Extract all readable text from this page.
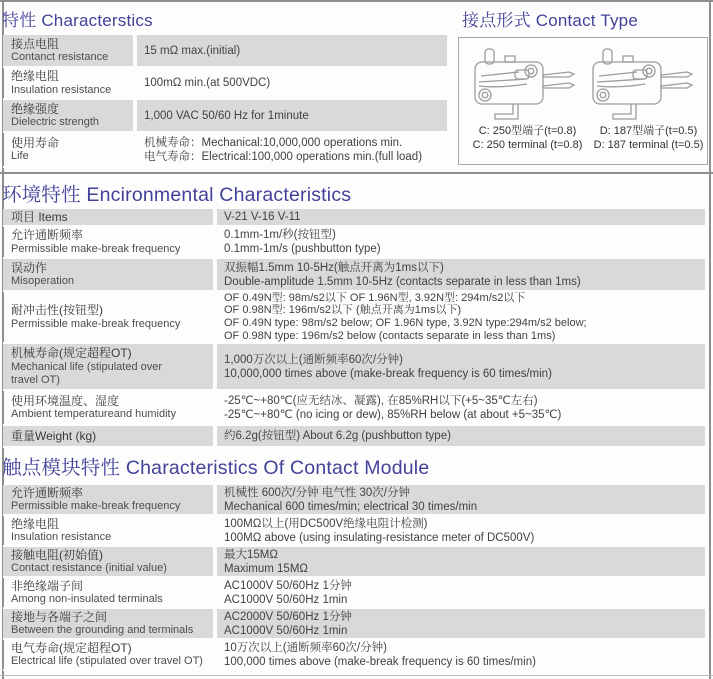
特性 Characterstics
接点电阻
Contanct resistance
15 mΩ max.(initial)
绝缘电阻
Insulation resistance
100mΩ min.(at 500VDC)
绝缘强度
Dielectric strength
1,000 VAC 50/60 Hz for 1minute
使用寿命
Life
机械寿命：Mechanical:10,000,000 operations min.
电气寿命：Electrical:100,000 operations min.(full load)
接点形式 Contact Type
C: 250型端子(t=0.8)
C: 250 terminal (t=0.8)
D: 187型端子(t=0.5)
D: 187 terminal (t=0.5)
环境特性 Encironmental Characteristics
项目 Items	V-21 V-16 V-11
允许通断频率
Permissible make-break frequency
0.1mm-1m/秒(按钮型)
0.1mm-1m/s (pushbutton type)
误动作
Misoperation
双振幅1.5mm 10-5Hz(触点开离为1ms以下)
Double-amplitude 1.5mm 10-5Hz (contacts separate in less than 1ms)
耐冲击性(按钮型)
Permissible make-break frequency
OF 0.49N型: 98m/s2以下 OF 1.96N型, 3.92N型: 294m/s2以下
OF 0.98N型: 196m/s2以下 (触点开离为1ms以下)
OF 0.49N type: 98m/s2 below; OF 1.96N type, 3.92N type:294m/s2 below;
OF 0.98N type: 196m/s2 below (contacts separate in less than 1ms)
机械寿命(规定超程OT)
Mechanical life (stipulated over travel OT)
1,000万次以上(通断频率60次/分钟)
10,000,000 times above (make-break frequency is 60 times/min)
使用环境温度、湿度
Ambient temperatureand humidity
-25℃~+80℃(应无结冰、凝露), 在85%RH以下(+5~35℃左右)
-25℃~+80℃ (no icing or dew), 85%RH below (at about +5~35℃)
重量Weight (kg)	约6.2g(按钮型) About 6.2g (pushbutton type)
触点模块特性 Characteristics Of Contact Module
允许通断频率
Permissible make-break frequency
机械性 600次/分钟 电气性 30次/分钟
Mechanical 600 times/min; electrical 30 times/min
绝缘电阻
Insulation resistance
100MΩ以上(用DC500V绝缘电阻计检测)
100MΩ above (using insulating-resistance meter of DC500V)
接触电阻(初始值)
Contact resistance (initial value)
最大15MΩ
Maximum 15MΩ
非绝缘端子间
Among non-insulated terminals
AC1000V 50/60Hz 1分钟
AC1000V 50/60Hz 1min
接地与各端子之间
Between the grounding and terminals
AC2000V 50/60Hz 1分钟
AC1000V 50/60Hz 1min
电气寿命(规定超程OT)
Electrical life (stipulated over travel OT)
10万次以上(通断频率60次/分钟)
100,000 times above (make-break frequency is 60 times/min)
